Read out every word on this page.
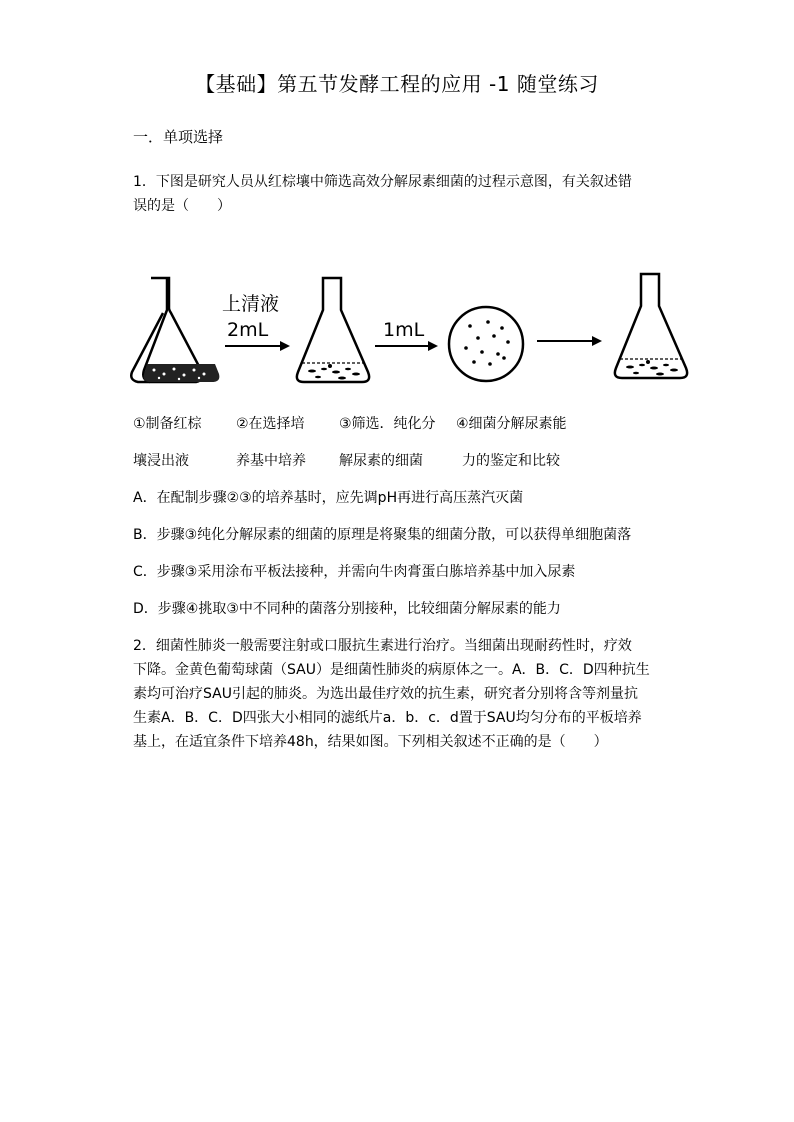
【基础】第五节发酵工程的应用 -1 随堂练习
一．单项选择
1．下图是研究人员从红棕壤中筛选高效分解尿素细菌的过程示意图，有关叙述错
误的是（　　）
上清液
2mL	1mL
①制备红棕 ②在选择培 ③筛选．纯化分 ④细菌分解尿素能
壤浸出液	养基中培养 解尿素的细菌	力的鉴定和比较
A．在配制步骤②③的培养基时，应先调pH再进行高压蒸汽灭菌
B．步骤③纯化分解尿素的细菌的原理是将聚集的细菌分散，可以获得单细胞菌落
C．步骤③采用涂布平板法接种，并需向牛肉膏蛋白胨培养基中加入尿素
D．步骤④挑取③中不同种的菌落分别接种，比较细菌分解尿素的能力
2．细菌性肺炎一般需要注射或口服抗生素进行治疗。当细菌出现耐药性时，疗效
下降。金黄色葡萄球菌（SAU）是细菌性肺炎的病原体之一。A．B．C．D四种抗生
素均可治疗SAU引起的肺炎。为选出最佳疗效的抗生素，研究者分别将含等剂量抗
生素A．B．C．D四张大小相同的滤纸片a．b．c．d置于SAU均匀分布的平板培养
基上，在适宜条件下培养48h，结果如图。下列相关叙述不正确的是（　　）
